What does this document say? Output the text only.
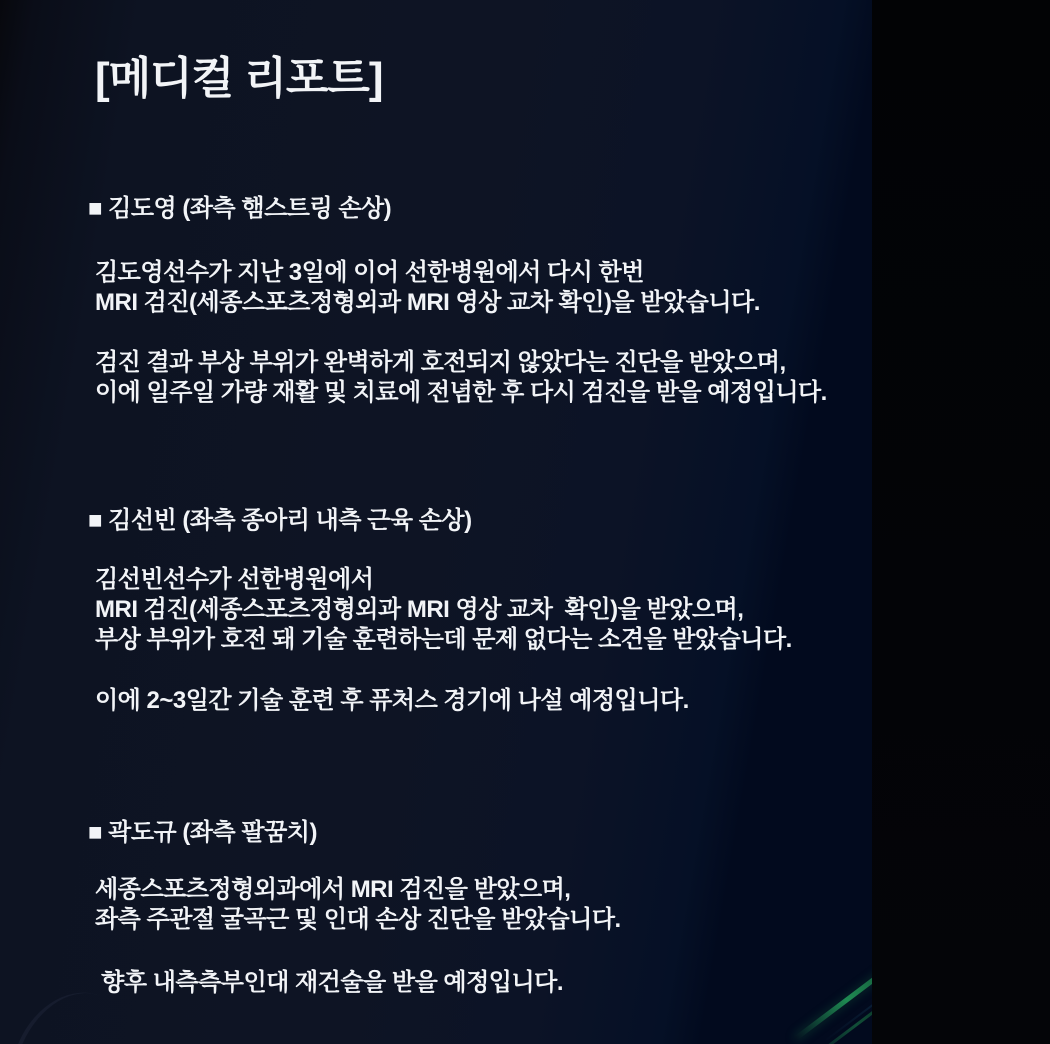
[메디컬 리포트]
■ 김도영 (좌측 햄스트링 손상)
김도영선수가 지난 3일에 이어 선한병원에서 다시 한번
MRI 검진(세종스포츠정형외과 MRI 영상 교차 확인)을 받았습니다.
검진 결과 부상 부위가 완벽하게 호전되지 않았다는 진단을 받았으며,
이에 일주일 가량 재활 및 치료에 전념한 후 다시 검진을 받을 예정입니다.
■ 김선빈 (좌측 종아리 내측 근육 손상)
김선빈선수가 선한병원에서
MRI 검진(세종스포츠정형외과 MRI 영상 교차  확인)을 받았으며,
부상 부위가 호전 돼 기술 훈련하는데 문제 없다는 소견을 받았습니다.
이에 2~3일간 기술 훈련 후 퓨처스 경기에 나설 예정입니다.
■ 곽도규 (좌측 팔꿈치)
세종스포츠정형외과에서 MRI 검진을 받았으며,
좌측 주관절 굴곡근 및 인대 손상 진단을 받았습니다.
향후 내측측부인대 재건술을 받을 예정입니다.
